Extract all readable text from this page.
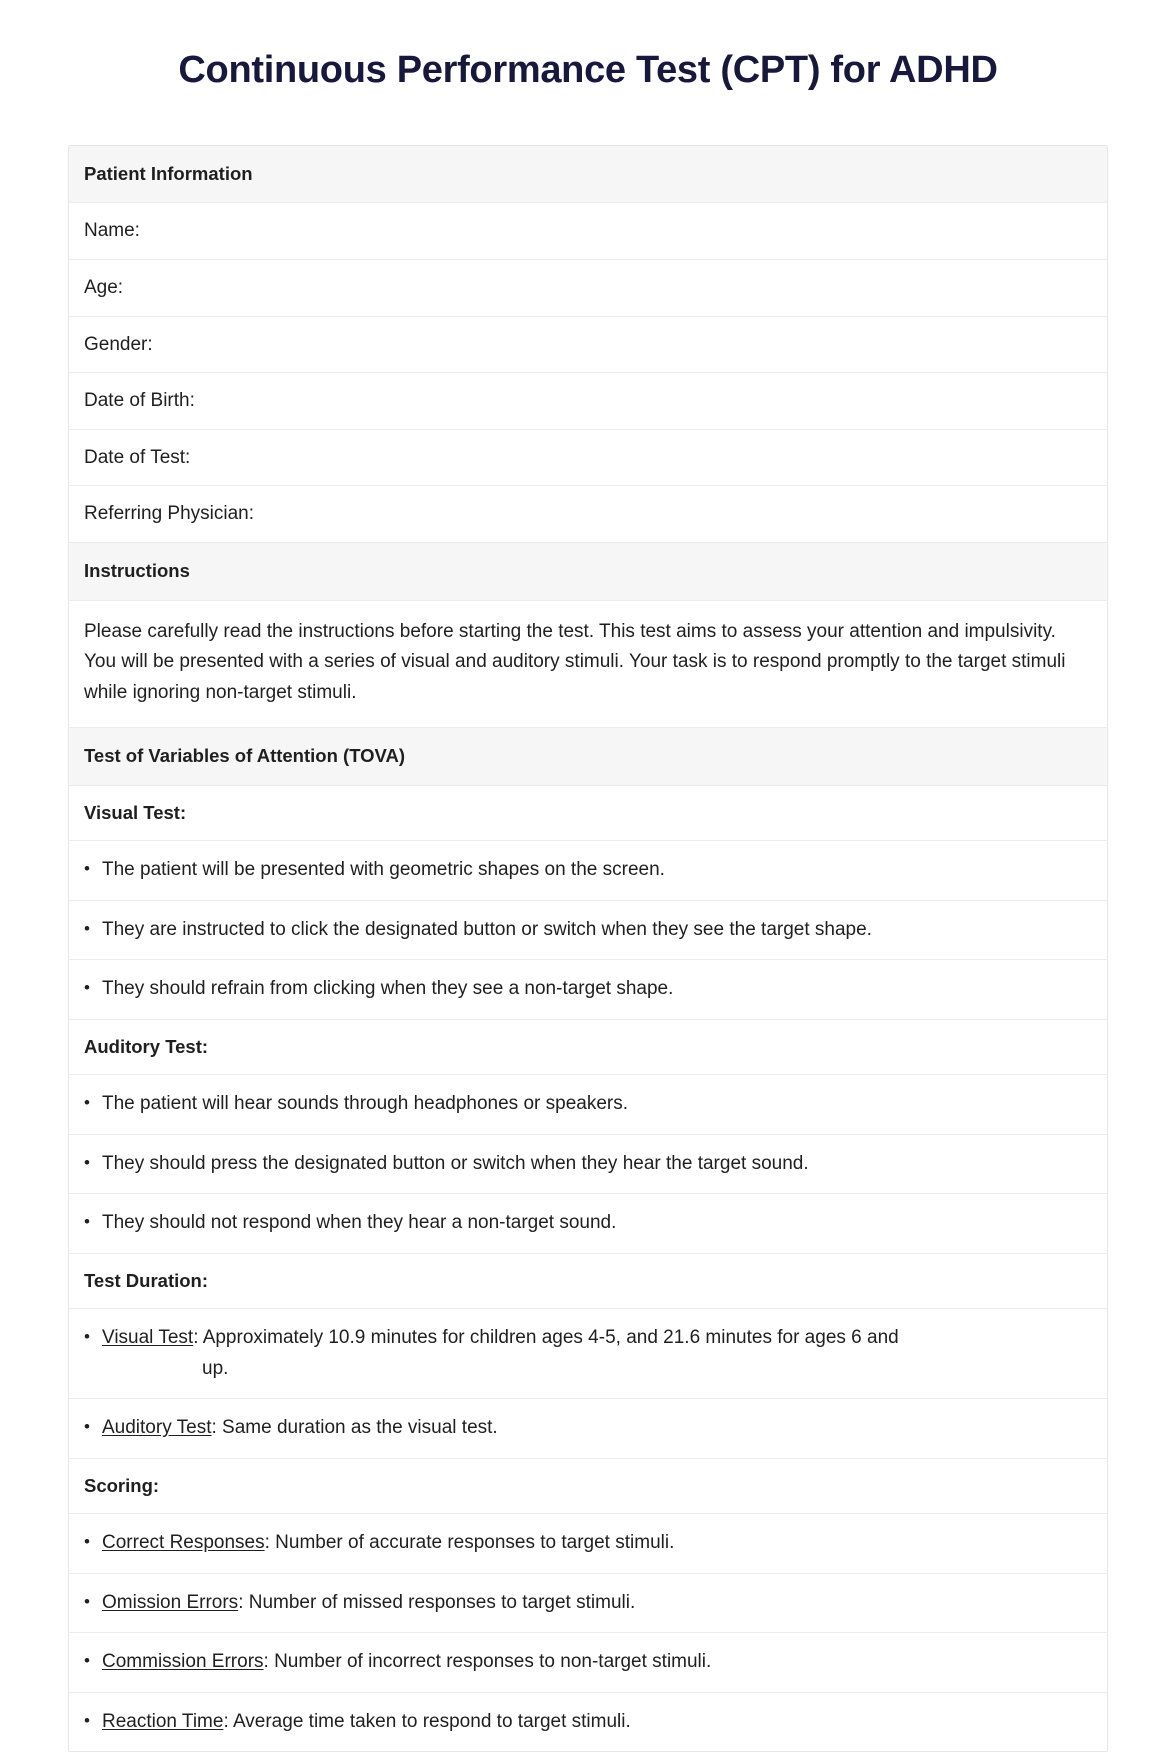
Continuous Performance Test (CPT) for ADHD
Patient Information
Name:
Age:
Gender:
Date of Birth:
Date of Test:
Referring Physician:
Instructions
Please carefully read the instructions before starting the test. This test aims to assess your attention and impulsivity. You will be presented with a series of visual and auditory stimuli. Your task is to respond promptly to the target stimuli while ignoring non-target stimuli.
Test of Variables of Attention (TOVA)
Visual Test:
• The patient will be presented with geometric shapes on the screen.
• They are instructed to click the designated button or switch when they see the target shape.
• They should refrain from clicking when they see a non-target shape.
Auditory Test:
• The patient will hear sounds through headphones or speakers.
• They should press the designated button or switch when they hear the target sound.
• They should not respond when they hear a non-target sound.
Test Duration:
• Visual Test: Approximately 10.9 minutes for children ages 4-5, and 21.6 minutes for ages 6 and
up.
• Auditory Test: Same duration as the visual test.
Scoring:
• Correct Responses: Number of accurate responses to target stimuli.
• Omission Errors: Number of missed responses to target stimuli.
• Commission Errors: Number of incorrect responses to non-target stimuli.
• Reaction Time: Average time taken to respond to target stimuli.
